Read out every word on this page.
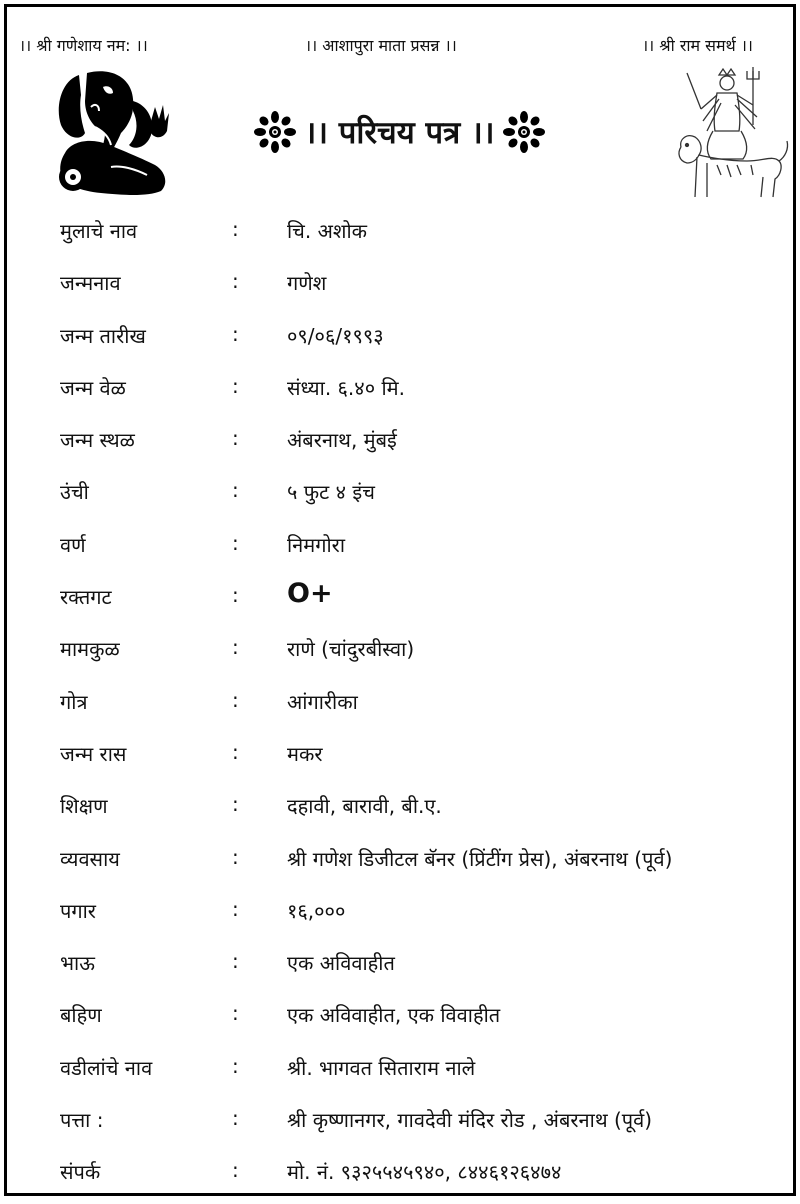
।। श्री गणेशाय नम: ।।	।। आशापुरा माता प्रसन्न ।।	।। श्री राम समर्थ ।।
।। परिचय पत्र ।।
मुलाचे नाव	: चि. अशोक
जन्मनाव	: गणेश
जन्म तारीख	: ०९/०६/१९९३
जन्म वेळ	: संध्या. ६.४० मि.
जन्म स्थळ	: अंबरनाथ, मुंबई
उंची	: ५ फुट ४ इंच
वर्ण	: निमगोरा
रक्तगट	: O+
मामकुळ	: राणे (चांदुरबीस्वा)
गोत्र	: आंगारीका
जन्म रास	: मकर
शिक्षण	: दहावी, बारावी, बी.ए.
व्यवसाय	: श्री गणेश डिजीटल बॅनर (प्रिंटींग प्रेस), अंबरनाथ (पूर्व)
पगार	: १६,०००
भाऊ	: एक अविवाहीत
बहिण	: एक अविवाहीत, एक विवाहीत
वडीलांचे नाव	: श्री. भागवत सिताराम नाले
पत्ता :	: श्री कृष्णानगर, गावदेवी मंदिर रोड , अंबरनाथ (पूर्व)
संपर्क	: मो. नं. ९३२५५४५९४०, ८४४६१२६४७४
